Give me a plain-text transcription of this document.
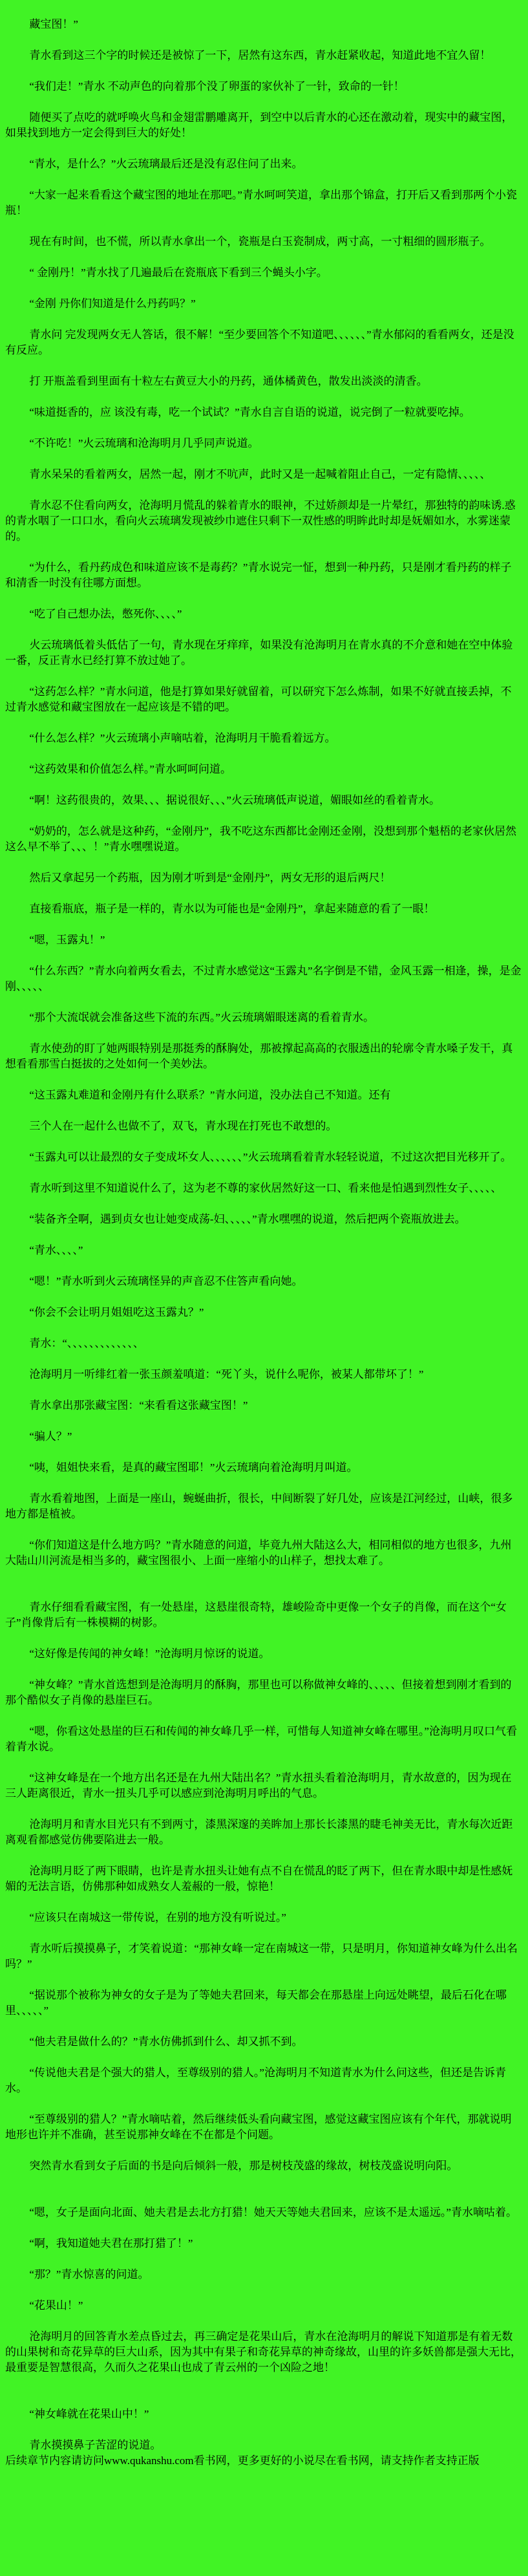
藏宝图！”

青水看到这三个字的时候还是被惊了一下，居然有这东西，青水赶紧收起，知道此地不宜久留！

“我们走！”青水 不动声色的向着那个没了卵蛋的家伙补了一针，致命的一针！

随便买了点吃的就呼唤火鸟和金翅雷鹏雕离开，到空中以后青水的心还在激动着，现实中的藏宝图，如果找到地方一定会得到巨大的好处！

“青水，是什么？”火云琉璃最后还是没有忍住问了出来。

“大家一起来看看这个藏宝图的地址在那吧。”青水呵呵笑道，拿出那个锦盒，打开后又看到那两个小瓷瓶！

现在有时间，也不慌，所以青水拿出一个，瓷瓶是白玉瓷制成，两寸高，一寸粗细的圆形瓶子。

“ 金刚丹！”青水找了几遍最后在瓷瓶底下看到三个蝇头小字。

“金刚 丹你们知道是什么丹药吗？”

青水问 完发现两女无人答话，很不解！“至少要回答个不知道吧、、、、、、”青水郁闷的看看两女，还是没 有反应。

打 开瓶盖看到里面有十粒左右黄豆大小的丹药，通体橘黄色，散发出淡淡的清香。

“味道挺香的，应 该没有毒，吃一个试试？”青水自言自语的说道，说完倒了一粒就要吃掉。

“不许吃！”火云琉璃和沧海明月几乎同声说道。

青水呆呆的看着两女，居然一起，刚才不吭声，此时又是一起喊着阻止自己，一定有隐情、、、、、

青水忍不住看向两女，沧海明月慌乱的躲着青水的眼神，不过娇颜却是一片晕红，那独特的韵味诱.惑的青水咽了一口口水，看向火云琉璃发现被纱巾遮住只剩下一双性感的明眸此时却是妩媚如水，水雾迷蒙的。

“为什么，看丹药成色和味道应该不是毒药？”青水说完一怔，想到一种丹药，只是刚才看丹药的样子和清香一时没有往哪方面想。

“吃了自己想办法，憋死你、、、、”

火云琉璃低着头低估了一句，青水现在牙痒痒，如果没有沧海明月在青水真的不介意和她在空中体验一番，反正青水已经打算不放过她了。

“这药怎么样？”青水问道，他是打算如果好就留着，可以研究下怎么炼制，如果不好就直接丢掉，不过青水感觉和藏宝图放在一起应该是不错的吧。

“什么怎么样？”火云琉璃小声嘀咕着，沧海明月干脆看着远方。

“这药效果和价值怎么样。”青水呵呵问道。

“啊！这药很贵的，效果、、、据说很好、、、”火云琉璃低声说道，媚眼如丝的看着青水。

“奶奶的，怎么就是这种药，“金刚丹”，我不吃这东西都比金刚还金刚，没想到那个魁梧的老家伙居然这么早不举了、、、！”青水嘿嘿说道。

然后又拿起另一个药瓶，因为刚才听到是“金刚丹”，两女无形的退后两尺！

直接看瓶底，瓶子是一样的，青水以为可能也是“金刚丹”，拿起来随意的看了一眼！

“嗯，玉露丸！”

“什么东西？”青水向着两女看去，不过青水感觉这“玉露丸”名字倒是不错，金风玉露一相逢，操，是金刚、、、、、

“那个大流氓就会准备这些下流的东西。”火云琉璃媚眼迷离的看着青水。

青水使劲的盯了她两眼特别是那挺秀的酥胸处，那被撑起高高的衣服透出的轮廓令青水嗓子发干，真想看看那雪白挺拔的之处如何一个美妙法。

“这玉露丸难道和金刚丹有什么联系？”青水问道，没办法自己不知道。还有

三个人在一起什么也做不了，双飞，青水现在打死也不敢想的。

“玉露丸可以让最烈的女子变成坏女人、、、、、、”火云琉璃看着青水轻轻说道，不过这次把目光移开了。

青水听到这里不知道说什么了，这为老不尊的家伙居然好这一口、看来他是怕遇到烈性女子、、、、、

“装备齐全啊，遇到贞女也让她变成荡-妇、、、、、”青水嘿嘿的说道，然后把两个瓷瓶放进去。

“青水、、、、”

“嗯！”青水听到火云琉璃怪异的声音忍不住答声看向她。

“你会不会让明月姐姐吃这玉露丸？”

青水：“、、、、、、、、、、、、、

沧海明月一听绯红着一张玉颜羞嗔道：“死丫头，说什么呢你，被某人都带坏了！”

青水拿出那张藏宝图：“来看看这张藏宝图！”

“骗人？”

“咦，姐姐快来看，是真的藏宝图耶！”火云琉璃向着沧海明月叫道。

青水看着地图，上面是一座山，蜿蜒曲折，很长，中间断裂了好几处，应该是江河经过，山峡，很多地方都是植被。

“你们知道这是什么地方吗？”青水随意的问道，毕竟九州大陆这么大，相同相似的地方也很多，九州大陆山川河流是相当多的，藏宝图很小、上面一座缩小的山样子，想找太难了。

青水仔细看看藏宝图，有一处悬崖，这悬崖很奇特，雄峻险奇中更像一个女子的肖像，而在这个“女子”肖像背后有一株模糊的树影。

“这好像是传闻的神女峰！”沧海明月惊讶的说道。

“神女峰？”青水首选想到是沧海明月的酥胸，那里也可以称做神女峰的、、、、、但接着想到刚才看到的那个酷似女子肖像的悬崖巨石。

“嗯，你看这处悬崖的巨石和传闻的神女峰几乎一样，可惜每人知道神女峰在哪里。”沧海明月叹口气看着青水说。

“这神女峰是在一个地方出名还是在九州大陆出名？”青水扭头看着沧海明月，青水故意的，因为现在三人距离很近，青水一扭头几乎可以感应到沧海明月呼出的气息。

沧海明月和青水目光只有不到两寸，漆黑深邃的美眸加上那长长漆黑的睫毛神美无比，青水每次近距离观看都感觉仿佛要陷进去一般。

沧海明月眨了两下眼睛，也许是青水扭头让她有点不自在慌乱的眨了两下，但在青水眼中却是性感妩媚的无法言语，仿佛那种如成熟女人羞赧的一般，惊艳！

“应该只在南城这一带传说，在别的地方没有听说过。”

青水听后摸摸鼻子，才笑着说道：“那神女峰一定在南城这一带，只是明月，你知道神女峰为什么出名吗？”

“据说那个被称为神女的女子是为了等她夫君回来，每天都会在那悬崖上向远处眺望，最后石化在哪里、、、、、”

“他夫君是做什么的？”青水仿佛抓到什么、却又抓不到。

“传说他夫君是个强大的猎人，至尊级别的猎人。”沧海明月不知道青水为什么问这些，但还是告诉青水。

“至尊级别的猎人？”青水嘀咕着，然后继续低头看向藏宝图，感觉这藏宝图应该有个年代，那就说明地形也许并不准确，甚至说那神女峰在不在都是个问题。

突然青水看到女子后面的书是向后倾斜一般，那是树枝茂盛的缘故，树枝茂盛说明向阳。

“嗯，女子是面向北面、她夫君是去北方打猎！她天天等她夫君回来，应该不是太遥远。”青水嘀咕着。

“啊，我知道她夫君在那打猎了！”

“那？”青水惊喜的问道。

“花果山！”

沧海明月的回答青水差点昏过去，再三确定是花果山后，青水在沧海明月的解说下知道那是有着无数的山果树和奇花异草的巨大山系，因为其中有果子和奇花异草的神奇缘故，山里的许多妖兽都是强大无比，最重要是智慧很高，久而久之花果山也成了青云州的一个凶险之地！

“神女峰就在花果山中！”

青水摸摸鼻子苦涩的说道。

后续章节内容请访问www.qukanshu.com看书网，更多更好的小说尽在看书网，请支持作者支持正版
